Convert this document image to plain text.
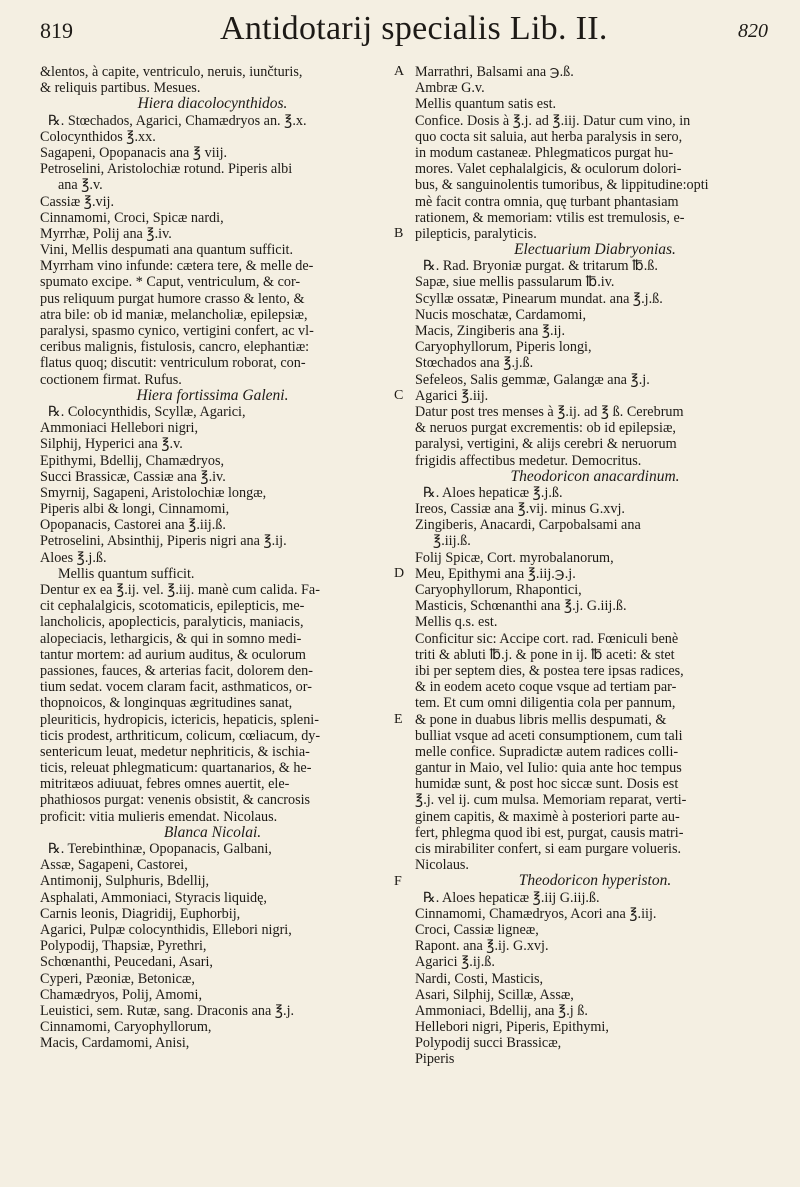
819	Antidotarij specialis Lib. II.	820
&lentos, à capite, ventriculo, neruis, iunčturis,
& reliquis partibus. Mesues.
Hiera diacolocynthidos.
℞. Stœchados, Agarici, Chamædryos an. ℥.x.
Colocynthidos ℥.xx.
Sagapeni, Opopanacis ana ℥ viij.
Petroselini, Aristolochiæ rotund. Piperis albi
ana ℥.v.
Cassiæ ℥.vij.
Cinnamomi, Croci, Spicæ nardi,
Myrrhæ, Polij ana ℥.iv.
Vini, Mellis despumati ana quantum sufficit.
Myrrham vino infunde: cætera tere, & melle de-
spumato excipe. * Caput, ventriculum, & cor-
pus reliquum purgat humore crasso & lento, &
atra bile: ob id maniæ, melancholiæ, epilepsiæ,
paralysi, spasmo cynico, vertigini confert, ac vl-
ceribus malignis, fistulosis, cancro, elephantiæ:
flatus quoq; discutit: ventriculum roborat, con-
coctionem firmat. Rufus.
Hiera fortissima Galeni.
℞. Colocynthidis, Scyllæ, Agarici,
Ammoniaci Hellebori nigri,
Silphij, Hyperici ana ℥.v.
Epithymi, Bdellij, Chamædryos,
Succi Brassicæ, Cassiæ ana ℥.iv.
Smyrnij, Sagapeni, Aristolochiæ longæ,
Piperis albi & longi, Cinnamomi,
Opopanacis, Castorei ana ℥.iij.ß.
Petroselini, Absinthij, Piperis nigri ana ℥.ij.
Aloes ℥.j.ß.
Mellis quantum sufficit.
Dentur ex ea ℥.ij. vel. ℥.iij. manè cum calida. Fa-
cit cephalalgicis, scotomaticis, epilepticis, me-
lancholicis, apoplecticis, paralyticis, maniacis,
alopeciacis, lethargicis, & qui in somno medi-
tantur mortem: ad aurium auditus, & oculorum
passiones, fauces, & arterias facit, dolorem den-
tium sedat. vocem claram facit, asthmaticos, or-
thopnoicos, & longinquas ægritudines sanat,
pleuriticis, hydropicis, ictericis, hepaticis, spleni-
ticis prodest, arthriticum, colicum, cœliacum, dy-
sentericum leuat, medetur nephriticis, & ischia-
ticis, releuat phlegmaticum: quartanarios, & he-
mitritæos adiuuat, febres omnes auertit, ele-
phathiosos purgat: venenis obsistit, & cancrosis
proficit: vitia mulieris emendat. Nicolaus.
Blanca Nicolai.
℞. Terebinthinæ, Opopanacis, Galbani,
Assæ, Sagapeni, Castorei,
Antimonij, Sulphuris, Bdellij,
Asphalati, Ammoniaci, Styracis liquidę,
Carnis leonis, Diagridij, Euphorbij,
Agarici, Pulpæ colocynthidis, Ellebori nigri,
Polypodij, Thapsiæ, Pyrethri,
Schœnanthi, Peucedani, Asari,
Cyperi, Pæoniæ, Betonicæ,
Chamædryos, Polij, Amomi,
Leuistici, sem. Rutæ, sang. Draconis ana ℥.j.
Cinnamomi, Caryophyllorum,
Macis, Cardamomi, Anisi,
A
B
C
D
E
F
Marrathri, Balsami ana ℈.ß.
Ambræ G.v.
Mellis quantum satis est.
Confice. Dosis à ℥.j. ad ℥.iij. Datur cum vino, in
quo cocta sit saluia, aut herba paralysis in sero,
in modum castaneæ. Phlegmaticos purgat hu-
mores. Valet cephalalgicis, & oculorum dolori-
bus, & sanguinolentis tumoribus, & lippitudine:opti
mè facit contra omnia, quę turbant phantasiam
rationem, & memoriam: vtilis est tremulosis, e-
pilepticis, paralyticis.
Electuarium Diabryonias.
℞. Rad. Bryoniæ purgat. & tritarum ℔.ß.
Sapæ, siue mellis passularum ℔.iv.
Scyllæ ossatæ, Pinearum mundat. ana ℥.j.ß.
Nucis moschatæ, Cardamomi,
Macis, Zingiberis ana ℥.ij.
Caryophyllorum, Piperis longi,
Stœchados ana ℥.j.ß.
Sefeleos, Salis gemmæ, Galangæ ana ℥.j.
Agarici ℥.iij.
Datur post tres menses à ℥.ij. ad ℥ ß. Cerebrum
& neruos purgat excrementis: ob id epilepsiæ,
paralysi, vertigini, & alijs cerebri & neruorum
frigidis affectibus medetur. Democritus.
Theodoricon anacardinum.
℞. Aloes hepaticæ ℥.j.ß.
Ireos, Cassiæ ana ℥.vij. minus G.xvj.
Zingiberis, Anacardi, Carpobalsami ana
℥.iij.ß.
Folij Spicæ, Cort. myrobalanorum,
Meu, Epithymi ana ℥.iij.℈.j.
Caryophyllorum, Rhapontici,
Masticis, Schœnanthi ana ℥.j. G.iij.ß.
Mellis q.s. est.
Conficitur sic: Accipe cort. rad. Fœniculi benè
triti & abluti ℔.j. & pone in ij. ℔ aceti: & stet
ibi per septem dies, & postea tere ipsas radices,
& in eodem aceto coque vsque ad tertiam par-
tem. Et cum omni diligentia cola per pannum,
& pone in duabus libris mellis despumati, &
bulliat vsque ad aceti consumptionem, cum tali
melle confice. Supradictæ autem radices colli-
gantur in Maio, vel Iulio: quia ante hoc tempus
humidæ sunt, & post hoc siccæ sunt. Dosis est
℥.j. vel ij. cum mulsa. Memoriam reparat, verti-
ginem capitis, & maximè à posteriori parte au-
fert, phlegma quod ibi est, purgat, causis matri-
cis mirabiliter confert, si eam purgare volueris.
Nicolaus.
Theodoricon hyperiston.
℞. Aloes hepaticæ ℥.iij G.iij.ß.
Cinnamomi, Chamædryos, Acori ana ℥.iij.
Croci, Cassiæ ligneæ,
Rapont. ana ℥.ij. G.xvj.
Agarici ℥.ij.ß.
Nardi, Costi, Masticis,
Asari, Silphij, Scillæ, Assæ,
Ammoniaci, Bdellij, ana ℥.j ß.
Hellebori nigri, Piperis, Epithymi,
Polypodij succi Brassicæ,
Piperis
